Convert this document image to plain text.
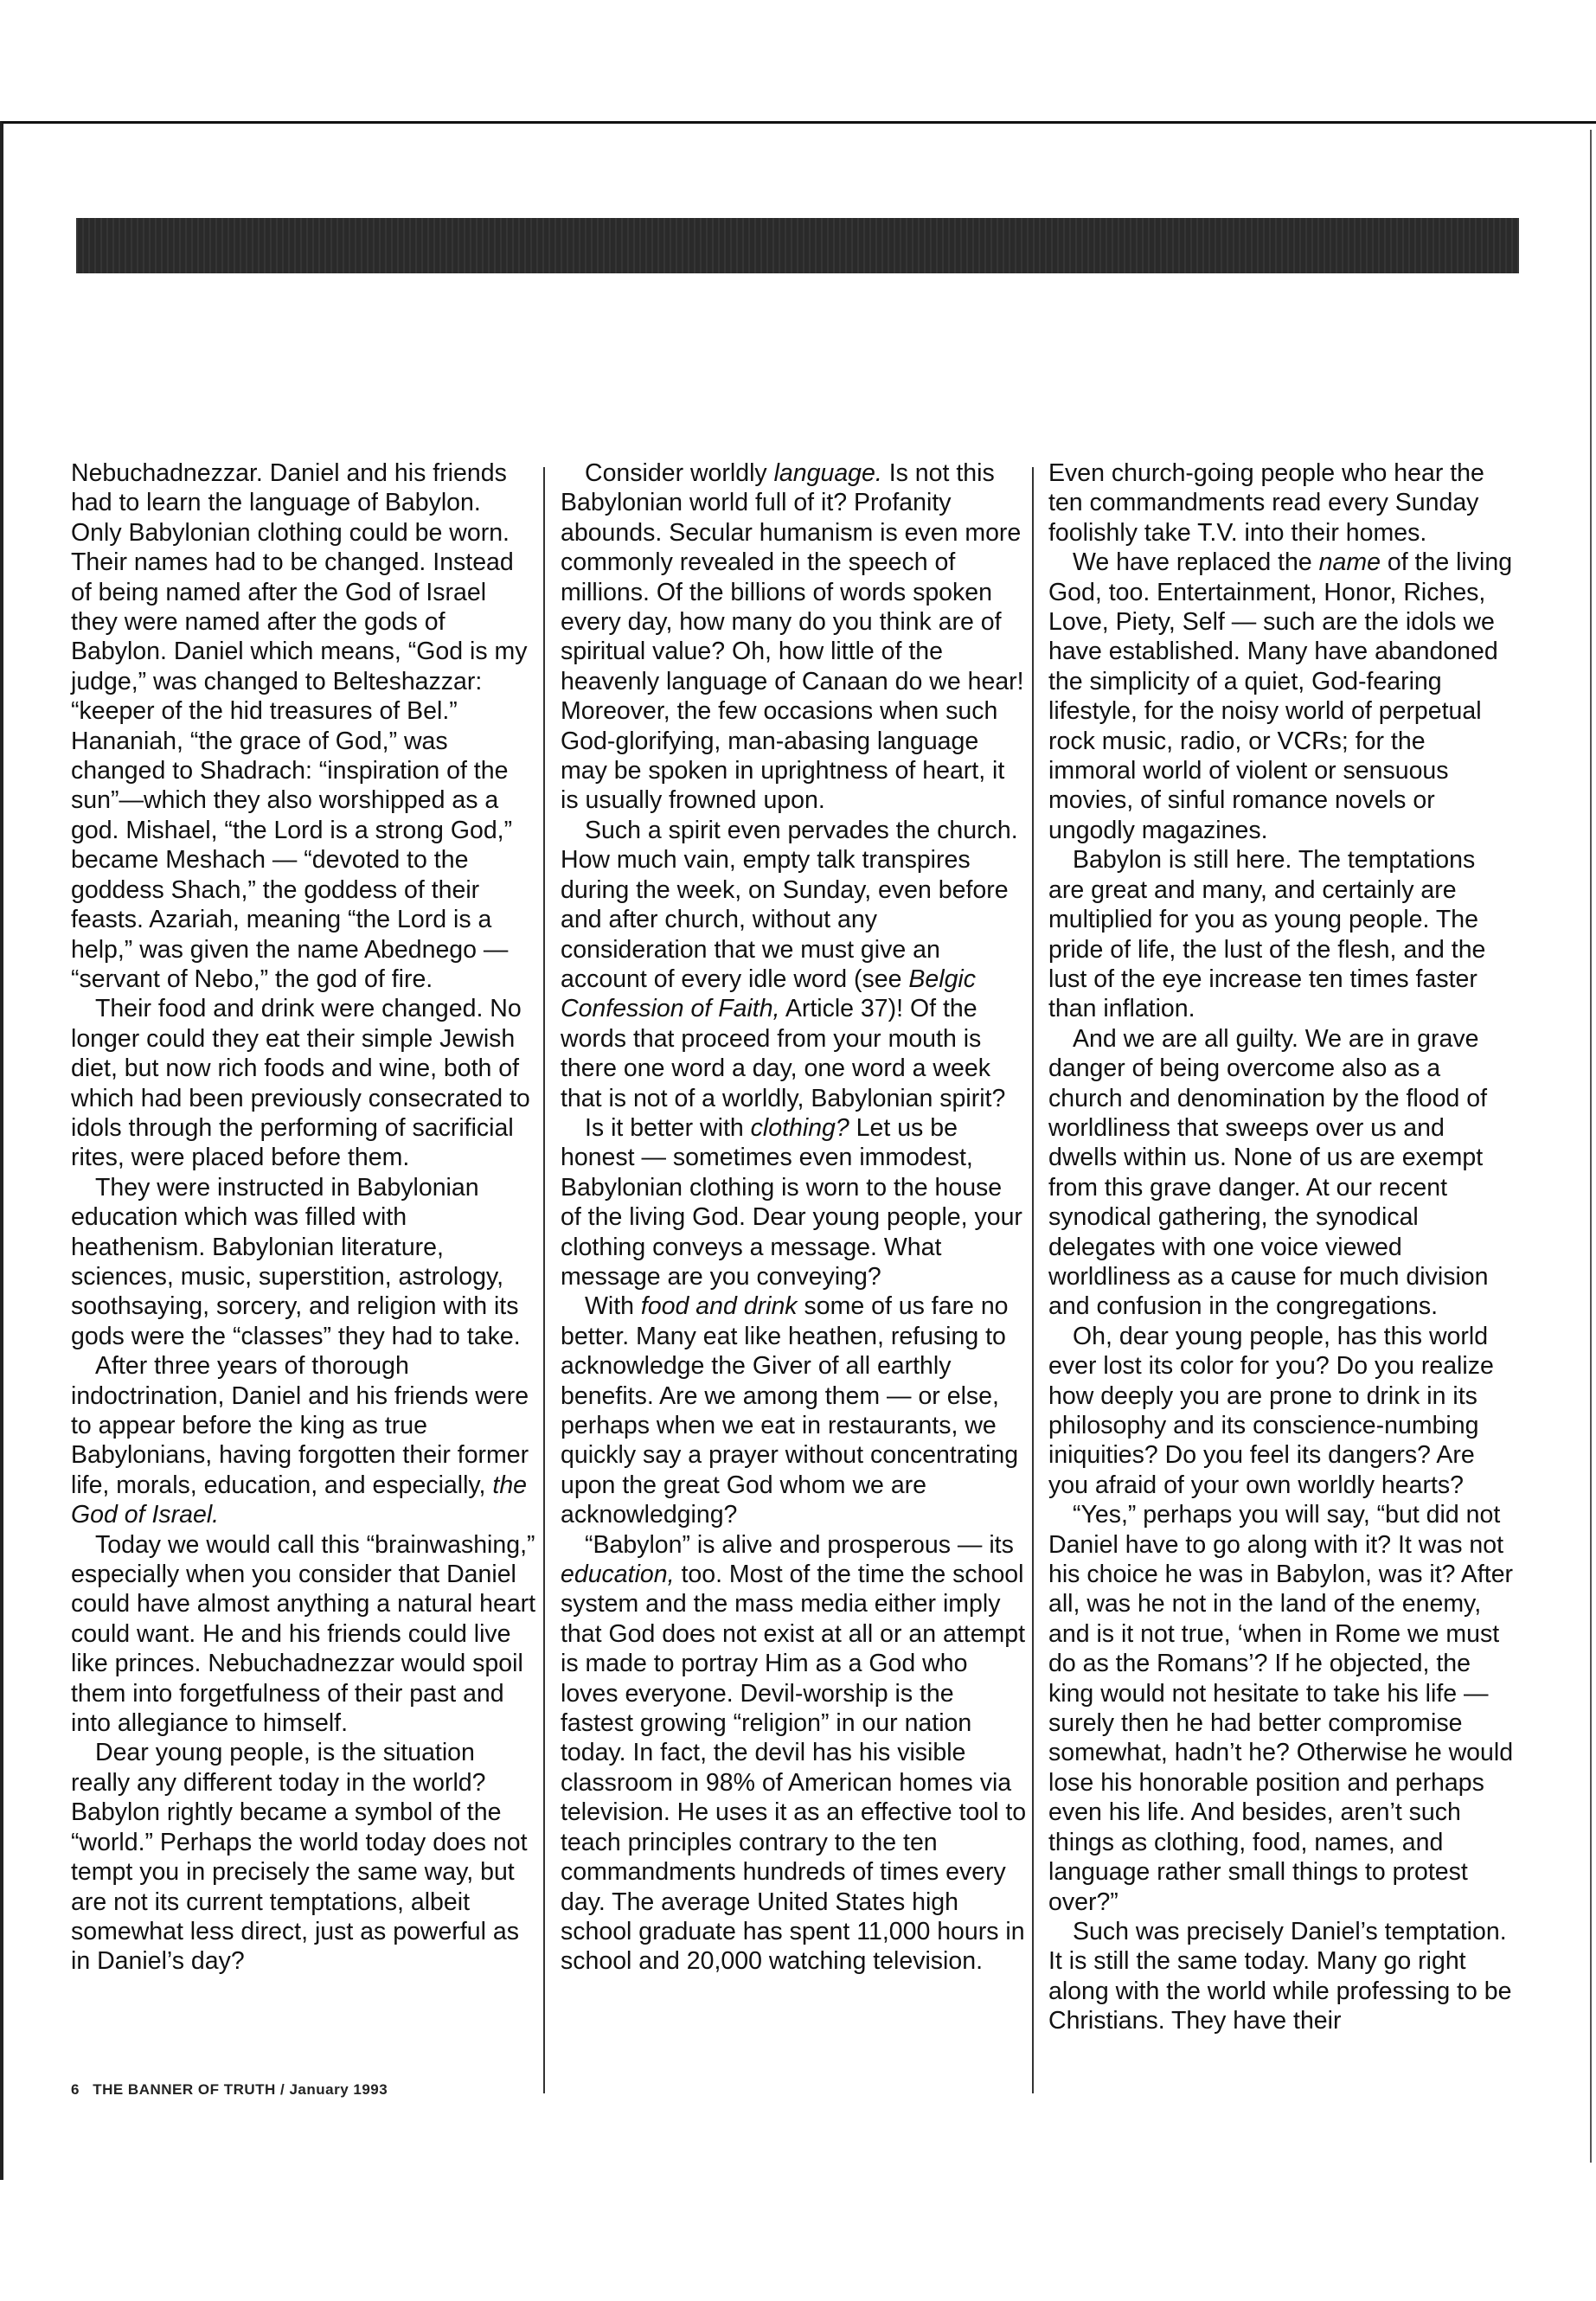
Nebuchadnezzar. Daniel and his friends had to learn the language of Babylon. Only Babylonian clothing could be worn. Their names had to be changed. Instead of being named after the God of Israel they were named after the gods of Babylon. Daniel which means, “God is my judge,” was changed to Belteshazzar: “keeper of the hid treasures of Bel.” Hananiah, “the grace of God,” was changed to Shadrach: “inspiration of the sun”—which they also worshipped as a god. Mishael, “the Lord is a strong God,” became Meshach — “devoted to the goddess Shach,” the goddess of their feasts. Azariah, meaning “the Lord is a help,” was given the name Abednego — “servant of Nebo,” the god of fire.

Their food and drink were changed. No longer could they eat their simple Jewish diet, but now rich foods and wine, both of which had been previously consecrated to idols through the performing of sacrificial rites, were placed before them.

They were instructed in Babylonian education which was filled with heathenism. Babylonian literature, sciences, music, superstition, astrology, soothsaying, sorcery, and religion with its gods were the “classes” they had to take.

After three years of thorough indoctrination, Daniel and his friends were to appear before the king as true Babylonians, having forgotten their former life, morals, education, and especially, the God of Israel.

Today we would call this “brainwashing,” especially when you consider that Daniel could have almost anything a natural heart could want. He and his friends could live like princes. Nebuchadnezzar would spoil them into forgetfulness of their past and into allegiance to himself.

Dear young people, is the situation really any different today in the world? Babylon rightly became a symbol of the “world.” Perhaps the world today does not tempt you in precisely the same way, but are not its current temptations, albeit somewhat less direct, just as powerful as in Daniel’s day?

Consider worldly language. Is not this Babylonian world full of it? Profanity abounds. Secular humanism is even more commonly revealed in the speech of millions. Of the billions of words spoken every day, how many do you think are of spiritual value? Oh, how little of the heavenly language of Canaan do we hear! Moreover, the few occasions when such God-glorifying, man-abasing language may be spoken in uprightness of heart, it is usually frowned upon.

Such a spirit even pervades the church. How much vain, empty talk transpires during the week, on Sunday, even before and after church, without any consideration that we must give an account of every idle word (see Belgic Confession of Faith, Article 37)! Of the words that proceed from your mouth is there one word a day, one word a week that is not of a worldly, Babylonian spirit?

Is it better with clothing? Let us be honest — sometimes even immodest, Babylonian clothing is worn to the house of the living God. Dear young people, your clothing conveys a message. What message are you conveying?

With food and drink some of us fare no better. Many eat like heathen, refusing to acknowledge the Giver of all earthly benefits. Are we among them — or else, perhaps when we eat in restaurants, we quickly say a prayer without concentrating upon the great God whom we are acknowledging?

“Babylon” is alive and prosperous — its education, too. Most of the time the school system and the mass media either imply that God does not exist at all or an attempt is made to portray Him as a God who loves everyone. Devil-worship is the fastest growing “religion” in our nation today. In fact, the devil has his visible classroom in 98% of American homes via television. He uses it as an effective tool to teach principles contrary to the ten commandments hundreds of times every day. The average United States high school graduate has spent 11,000 hours in school and 20,000 watching television.

Even church-going people who hear the ten commandments read every Sunday foolishly take T.V. into their homes.

We have replaced the name of the living God, too. Entertainment, Honor, Riches, Love, Piety, Self — such are the idols we have established. Many have abandoned the simplicity of a quiet, God-fearing lifestyle, for the noisy world of perpetual rock music, radio, or VCRs; for the immoral world of violent or sensuous movies, of sinful romance novels or ungodly magazines.

Babylon is still here. The temptations are great and many, and certainly are multiplied for you as young people. The pride of life, the lust of the flesh, and the lust of the eye increase ten times faster than inflation.

And we are all guilty. We are in grave danger of being overcome also as a church and denomination by the flood of worldliness that sweeps over us and dwells within us. None of us are exempt from this grave danger. At our recent synodical gathering, the synodical delegates with one voice viewed worldliness as a cause for much division and confusion in the congregations.

Oh, dear young people, has this world ever lost its color for you? Do you realize how deeply you are prone to drink in its philosophy and its conscience-numbing iniquities? Do you feel its dangers? Are you afraid of your own worldly hearts?

“Yes,” perhaps you will say, “but did not Daniel have to go along with it? It was not his choice he was in Babylon, was it? After all, was he not in the land of the enemy, and is it not true, ‘when in Rome we must do as the Romans’? If he objected, the king would not hesitate to take his life — surely then he had better compromise somewhat, hadn’t he? Otherwise he would lose his honorable position and perhaps even his life. And besides, aren’t such things as clothing, food, names, and language rather small things to protest over?”

Such was precisely Daniel’s temptation. It is still the same today. Many go right along with the world while professing to be Christians. They have their

6 THE BANNER OF TRUTH / January 1993
